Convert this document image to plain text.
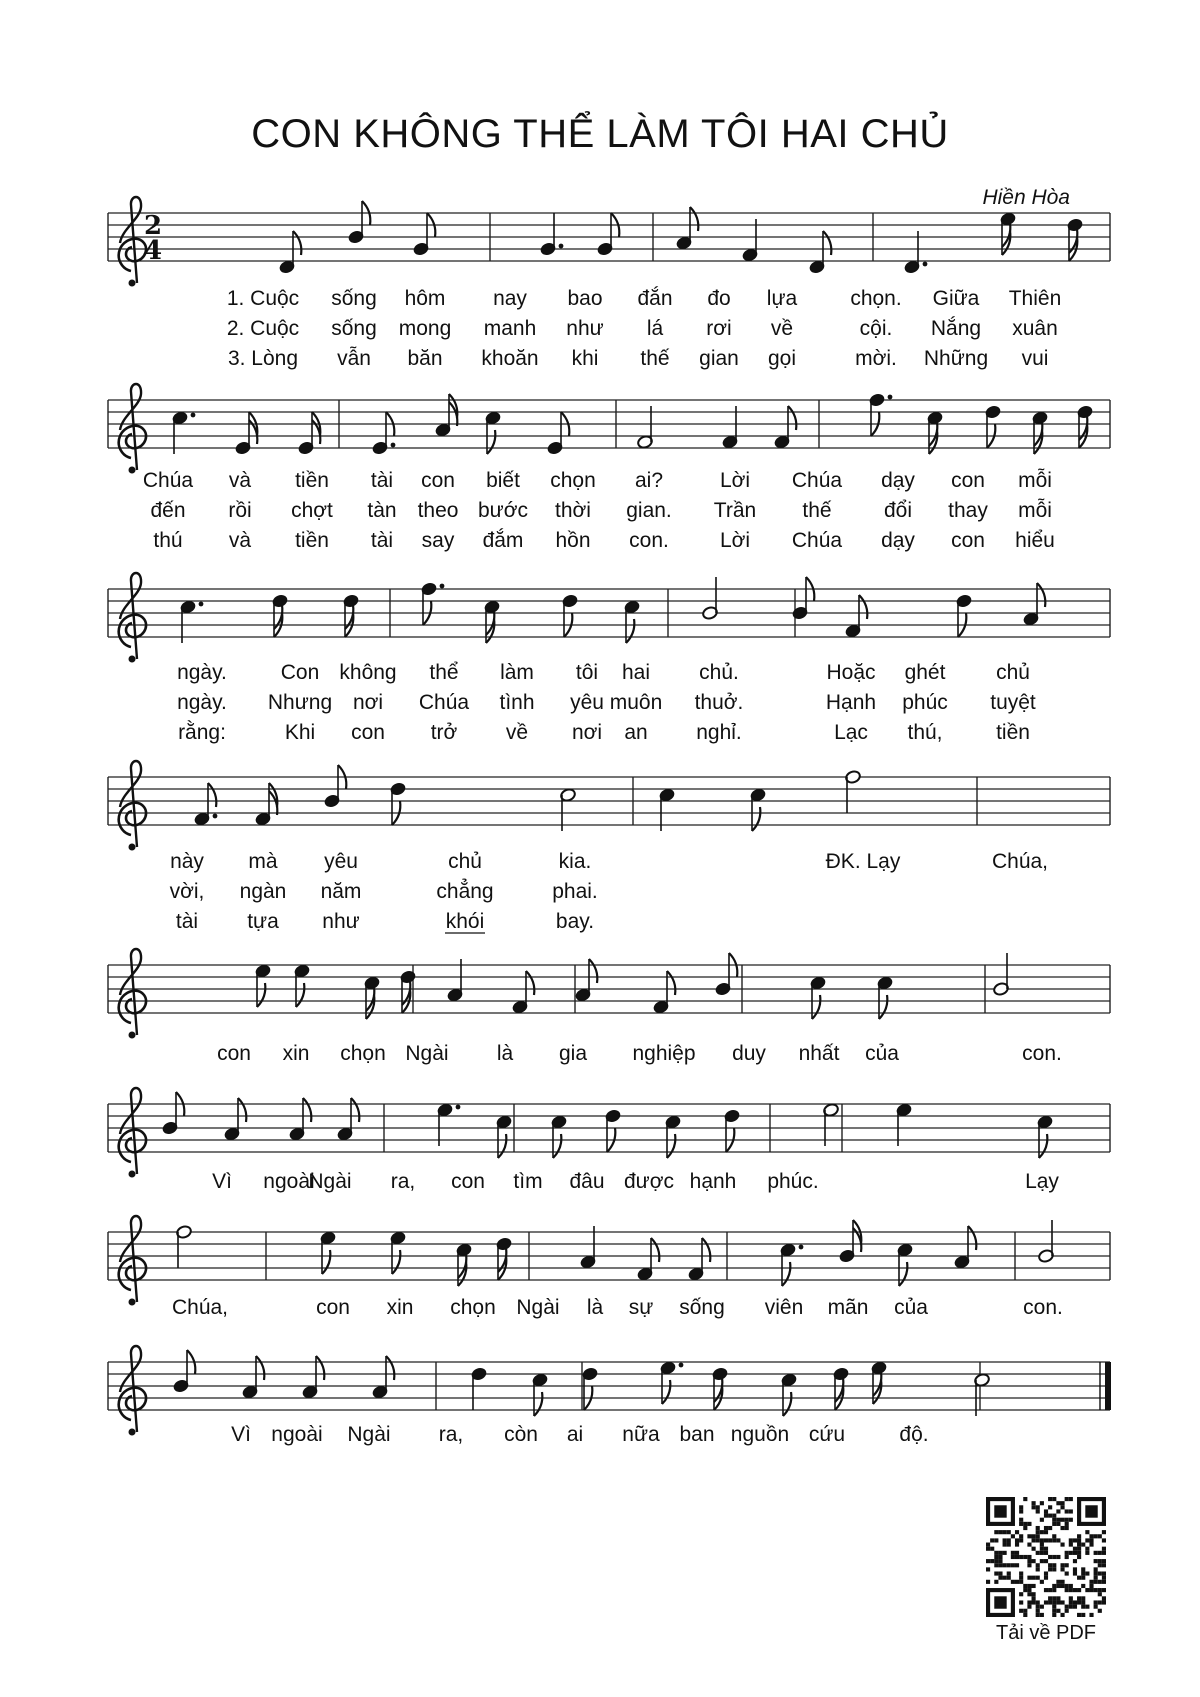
CON KHÔNG THỂ LÀM TÔI HAI CHỦ
Hiền Hòa
2
4
1. Cuộc sống hôm nay bao đắn đo lựa	chọn. Giữa Thiên
2. Cuộc sống mong manh như lá rơi về	cội. Nắng xuân
3. Lòng vẫn băn khoăn khi thế gian gọi	mời. Những vui
Chúa và tiền tài con biết chọn ai?	Lời Chúa dạy con mỗi
đến rồi chợt tàn theo bước thời gian. Trần thế đổi thay mỗi
thú và tiền tài say đắm hồn con. Lời Chúa dạy con hiểu
ngày.	Con không thể làm tôi hai chủ.	Hoặc ghét chủ
ngày. Nhưng nơi Chúa tình yêu muôn thuở.	Hạnh phúc tuyệt
rằng:	Khi con trở về nơi an nghỉ.	Lạc thú,	tiền
này mà yêu	chủ	kia.	ĐK. Lạy	Chúa,
vời, ngàn năm	chẳng	phai.
tài tựa như	khói	bay.
con xin chọn Ngài là gia nghiệp duy nhất của	con.
Vì ngoài
Ngài ra, con tìm đâu được hạnh phúc.	Lạy
Chúa,	con xin chọn Ngài là sự sống viên mãn của	con.
Vì ngoài Ngài ra, còn ai nữa ban nguồn cứu	độ.
Tải về PDF
